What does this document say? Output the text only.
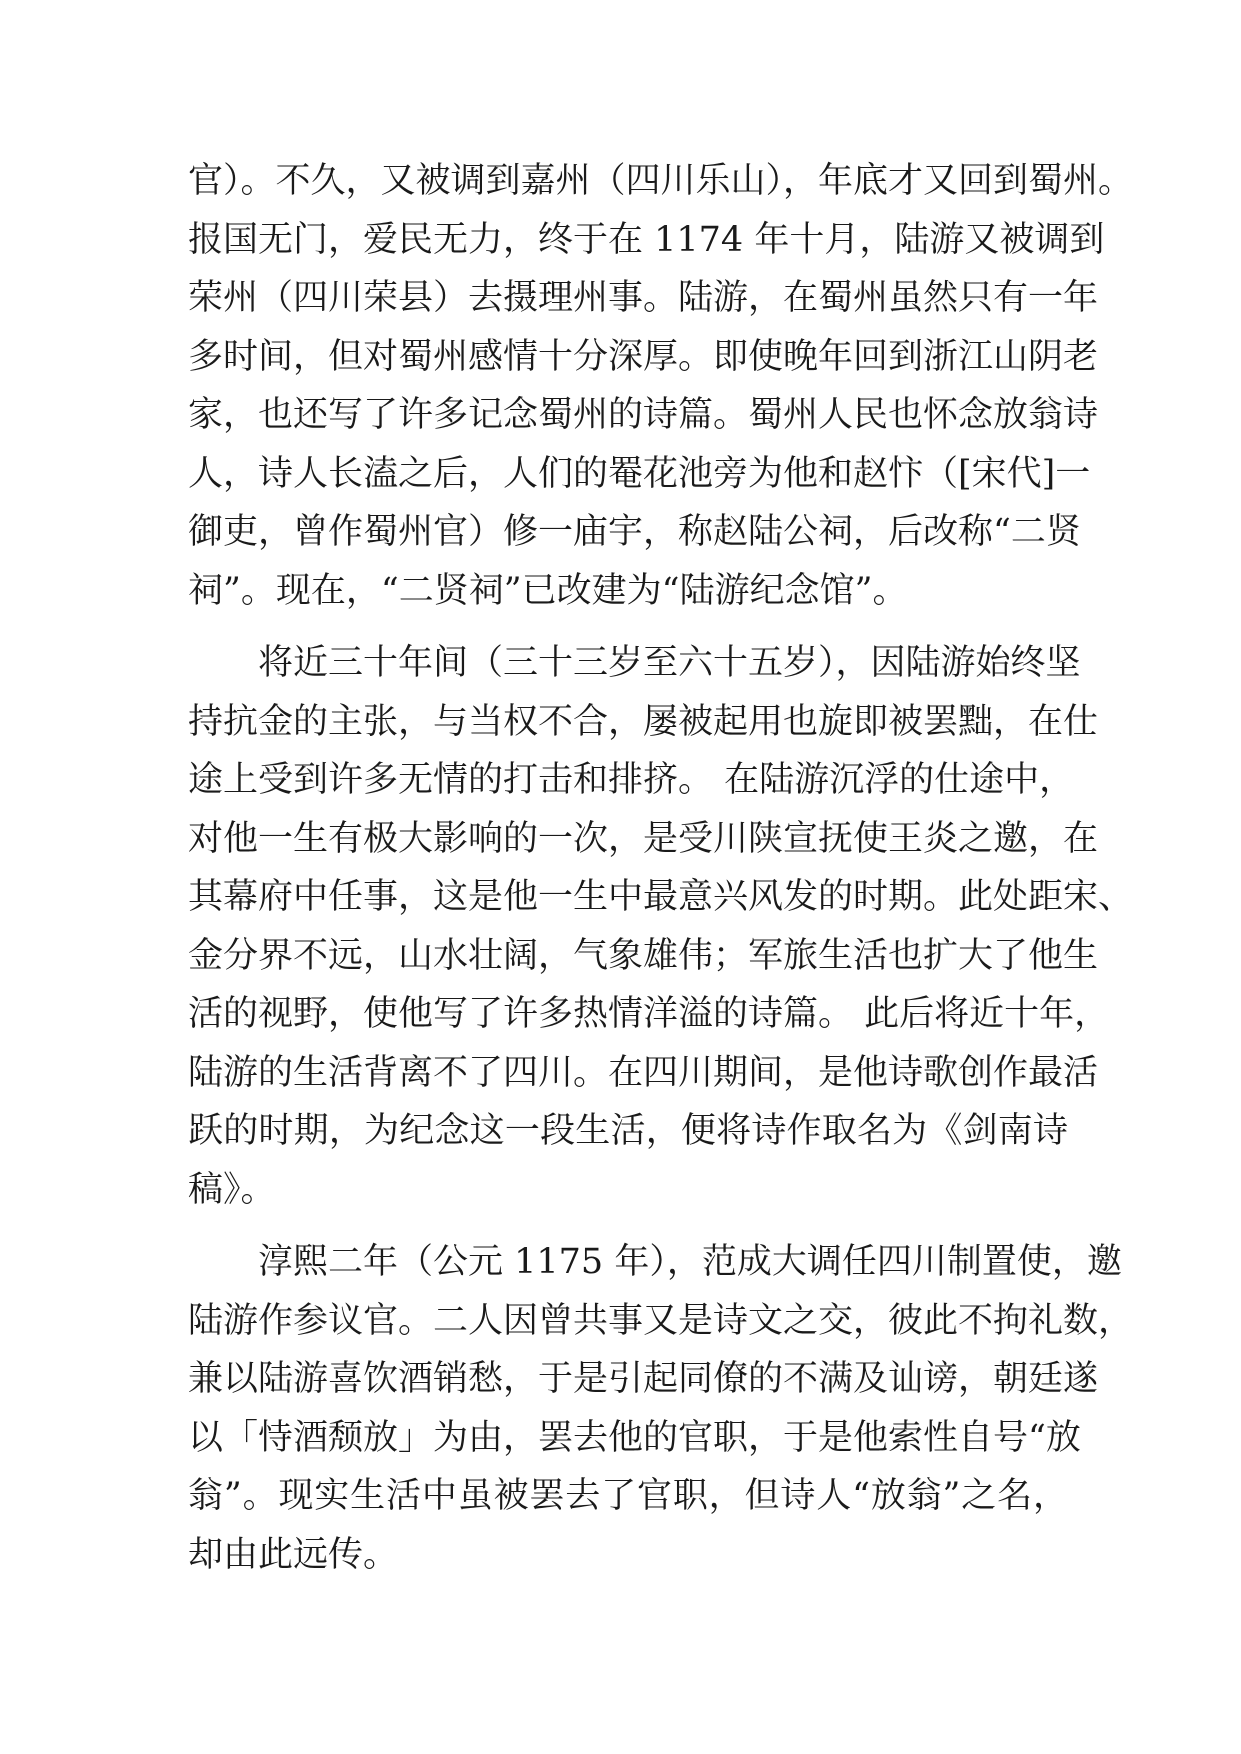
官）。不久，又被调到嘉州（四川乐山），年底才又回到蜀州。
报国无门，爱民无力，终于在 1174 年十月，陆游又被调到
荣州（四川荣县）去摄理州事。陆游，在蜀州虽然只有一年
多时间，但对蜀州感情十分深厚。即使晚年回到浙江山阴老
家，也还写了许多记念蜀州的诗篇。蜀州人民也怀念放翁诗
人，诗人长溘之后，人们的罨花池旁为他和赵忭（[宋代]一
御吏，曾作蜀州官）修一庙宇，称赵陆公祠，后改称“二贤
祠”。现在，“二贤祠”已改建为“陆游纪念馆”。
将近三十年间（三十三岁至六十五岁），因陆游始终坚
持抗金的主张，与当权不合，屡被起用也旋即被罢黜，在仕
途上受到许多无情的打击和排挤。 在陆游沉浮的仕途中，
对他一生有极大影响的一次，是受川陕宣抚使王炎之邀，在
其幕府中任事，这是他一生中最意兴风发的时期。此处距宋、
金分界不远，山水壮阔，气象雄伟；军旅生活也扩大了他生
活的视野，使他写了许多热情洋溢的诗篇。 此后将近十年，
陆游的生活背离不了四川。在四川期间，是他诗歌创作最活
跃的时期，为纪念这一段生活，便将诗作取名为《剑南诗
稿》。
淳熙二年（公元 1175 年），范成大调任四川制置使，邀
陆游作参议官。二人因曾共事又是诗文之交，彼此不拘礼数，
兼以陆游喜饮酒销愁，于是引起同僚的不满及讪谤，朝廷遂
以「恃酒颓放」为由，罢去他的官职，于是他索性自号“放
翁”。现实生活中虽被罢去了官职，但诗人“放翁”之名，
却由此远传。
